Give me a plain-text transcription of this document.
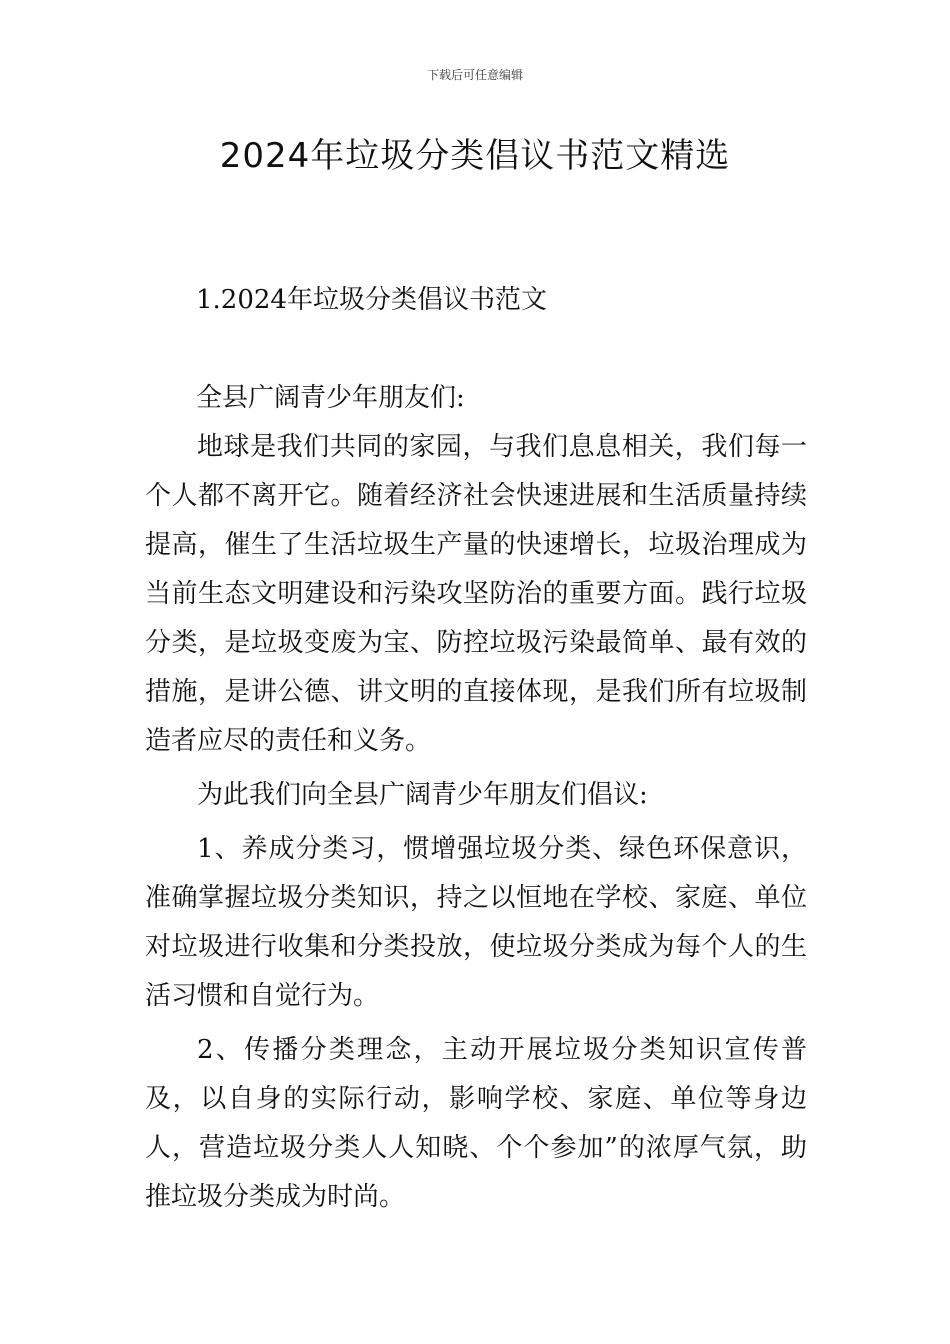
下载后可任意编辑
2024年垃圾分类倡议书范文精选
1.2024年垃圾分类倡议书范文
全县广阔青少年朋友们:

地球是我们共同的家园，与我们息息相关，我们每一个人都不离开它。随着经济社会快速进展和生活质量持续提高，催生了生活垃圾生产量的快速增长，垃圾治理成为当前生态文明建设和污染攻坚防治的重要方面。践行垃圾分类，是垃圾变废为宝、防控垃圾污染最简单、最有效的措施，是讲公德、讲文明的直接体现，是我们所有垃圾制造者应尽的责任和义务。

为此我们向全县广阔青少年朋友们倡议:

1、养成分类习，惯增强垃圾分类、绿色环保意识，准确掌握垃圾分类知识，持之以恒地在学校、家庭、单位对垃圾进行收集和分类投放，使垃圾分类成为每个人的生活习惯和自觉行为。

2、传播分类理念，主动开展垃圾分类知识宣传普及，以自身的实际行动，影响学校、家庭、单位等身边人，营造垃圾分类人人知晓、个个参加”的浓厚气氛，助推垃圾分类成为时尚。
